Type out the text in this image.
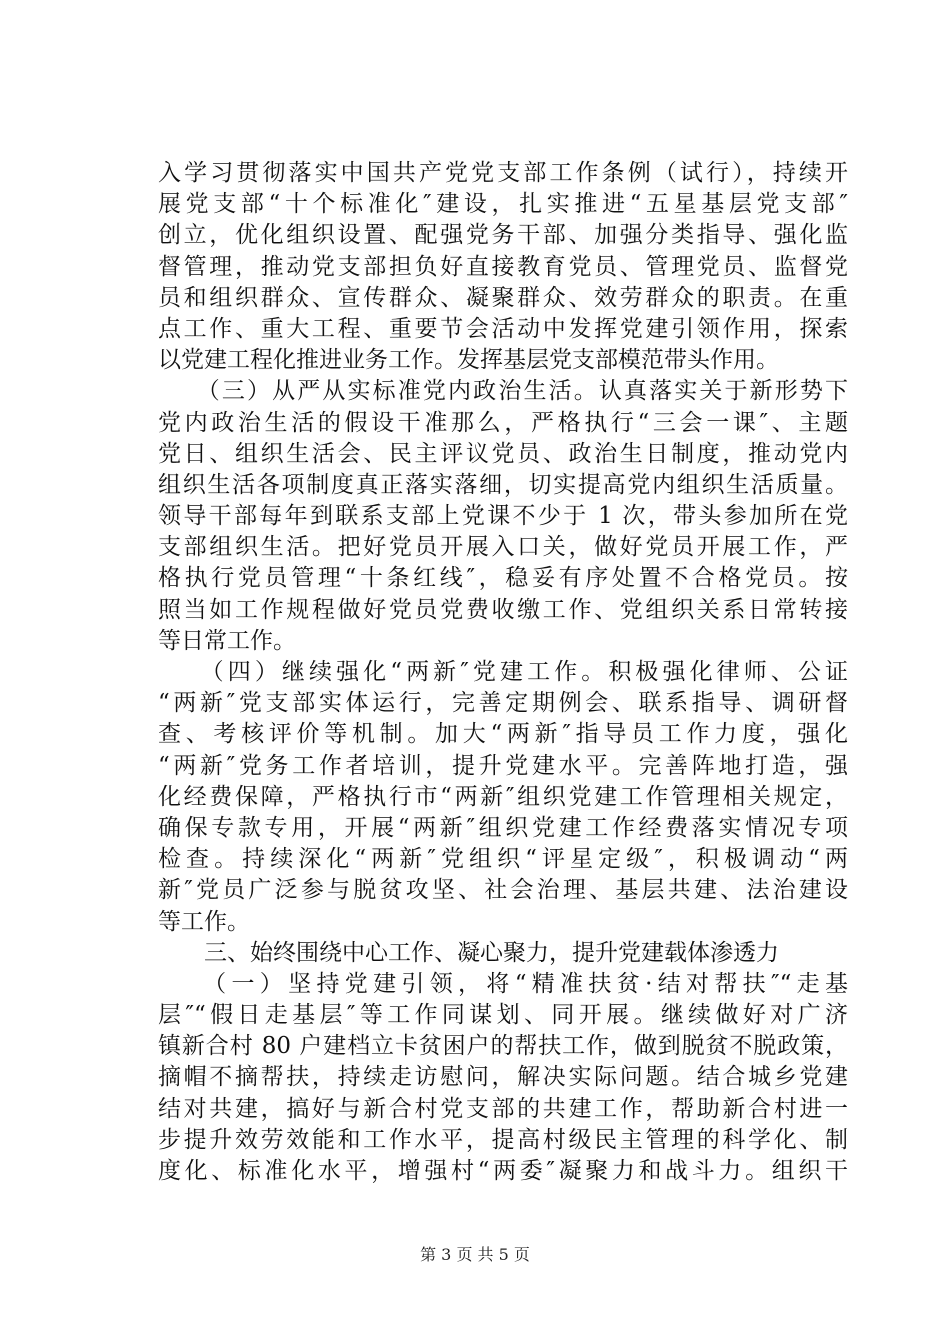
入学习贯彻落实中国共产党党支部工作条例（试行），持续开
展党支部“十个标准化″建设，扎实推进“五星基层党支部″
创立，优化组织设置、配强党务干部、加强分类指导、强化监
督管理，推动党支部担负好直接教育党员、管理党员、监督党
员和组织群众、宣传群众、凝聚群众、效劳群众的职责。在重
点工作、重大工程、重要节会活动中发挥党建引领作用，探索
以党建工程化推进业务工作。发挥基层党支部模范带头作用。
　　（三）从严从实标准党内政治生活。认真落实关于新形势下
党内政治生活的假设干准那么，严格执行“三会一课″、主题
党日、组织生活会、民主评议党员、政治生日制度，推动党内
组织生活各项制度真正落实落细，切实提高党内组织生活质量。
领导干部每年到联系支部上党课不少于 1 次，带头参加所在党
支部组织生活。把好党员开展入口关，做好党员开展工作，严
格执行党员管理“十条红线″，稳妥有序处置不合格党员。按
照当如工作规程做好党员党费收缴工作、党组织关系日常转接
等日常工作。
　　（四）继续强化“两新″党建工作。积极强化律师、公证
“两新″党支部实体运行，完善定期例会、联系指导、调研督
查、考核评价等机制。加大“两新″指导员工作力度，强化
“两新″党务工作者培训，提升党建水平。完善阵地打造，强
化经费保障，严格执行市“两新″组织党建工作管理相关规定，
确保专款专用，开展“两新″组织党建工作经费落实情况专项
检查。持续深化“两新″党组织“评星定级″，积极调动“两
新″党员广泛参与脱贫攻坚、社会治理、基层共建、法治建设
等工作。
　　三、始终围绕中心工作、凝心聚力，提升党建载体渗透力
　　（一）坚持党建引领，将“精准扶贫·结对帮扶″“走基
层″“假日走基层″等工作同谋划、同开展。继续做好对广济
镇新合村 80 户建档立卡贫困户的帮扶工作，做到脱贫不脱政策，
摘帽不摘帮扶，持续走访慰问，解决实际问题。结合城乡党建
结对共建，搞好与新合村党支部的共建工作，帮助新合村进一
步提升效劳效能和工作水平，提高村级民主管理的科学化、制
度化、标准化水平，增强村“两委″凝聚力和战斗力。组织干
第 3 页 共 5 页
